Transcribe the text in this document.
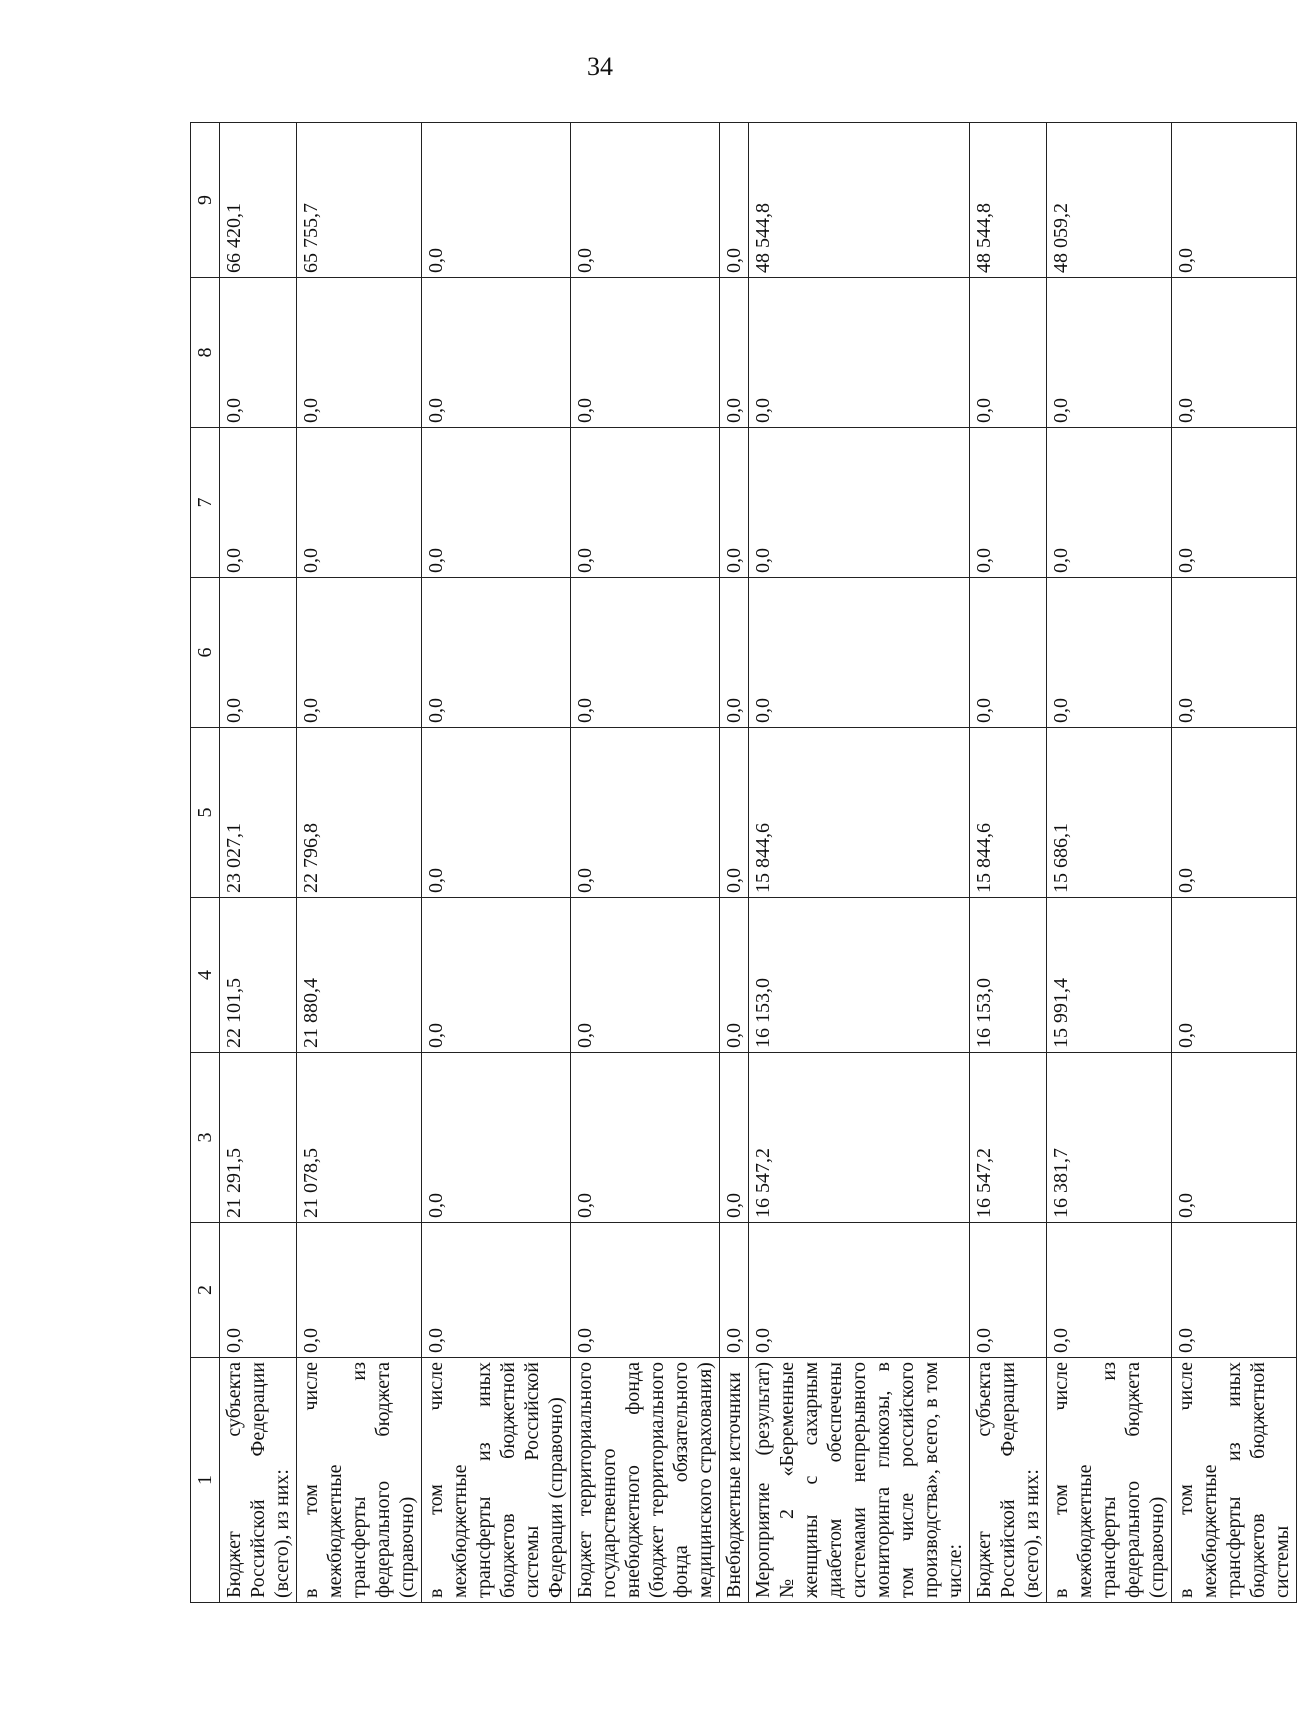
34
1	2	3	4	5	6	7	8	9
Бюджет субъекта Российской Федерации (всего), из них:	0,0	21 291,5	22 101,5	23 027,1	0,0	0,0	0,0	66 420,1
в том числе межбюджетные трансферты из федерального бюджета (справочно)	0,0	21 078,5	21 880,4	22 796,8	0,0	0,0	0,0	65 755,7
в том числе межбюджетные трансферты из иных бюджетов бюджетной системы Российской Федерации (справочно)	0,0	0,0	0,0	0,0	0,0	0,0	0,0	0,0
Бюджет территориального государственного внебюджетного фонда (бюджет территориального фонда обязательного медицинского страхования)	0,0	0,0	0,0	0,0	0,0	0,0	0,0	0,0
Внебюджетные источники	0,0	0,0	0,0	0,0	0,0	0,0	0,0	0,0
Мероприятие (результат) № 2 «Беременные женщины с сахарным диабетом обеспечены системами непрерывного мониторинга глюкозы, в том числе российского производства», всего, в том числе:	0,0	16 547,2	16 153,0	15 844,6	0,0	0,0	0,0	48 544,8
Бюджет субъекта Российской Федерации (всего), из них:	0,0	16 547,2	16 153,0	15 844,6	0,0	0,0	0,0	48 544,8
в том числе межбюджетные трансферты из федерального бюджета (справочно)	0,0	16 381,7	15 991,4	15 686,1	0,0	0,0	0,0	48 059,2
в том числе межбюджетные трансферты из иных бюджетов бюджетной системы	0,0	0,0	0,0	0,0	0,0	0,0	0,0	0,0
